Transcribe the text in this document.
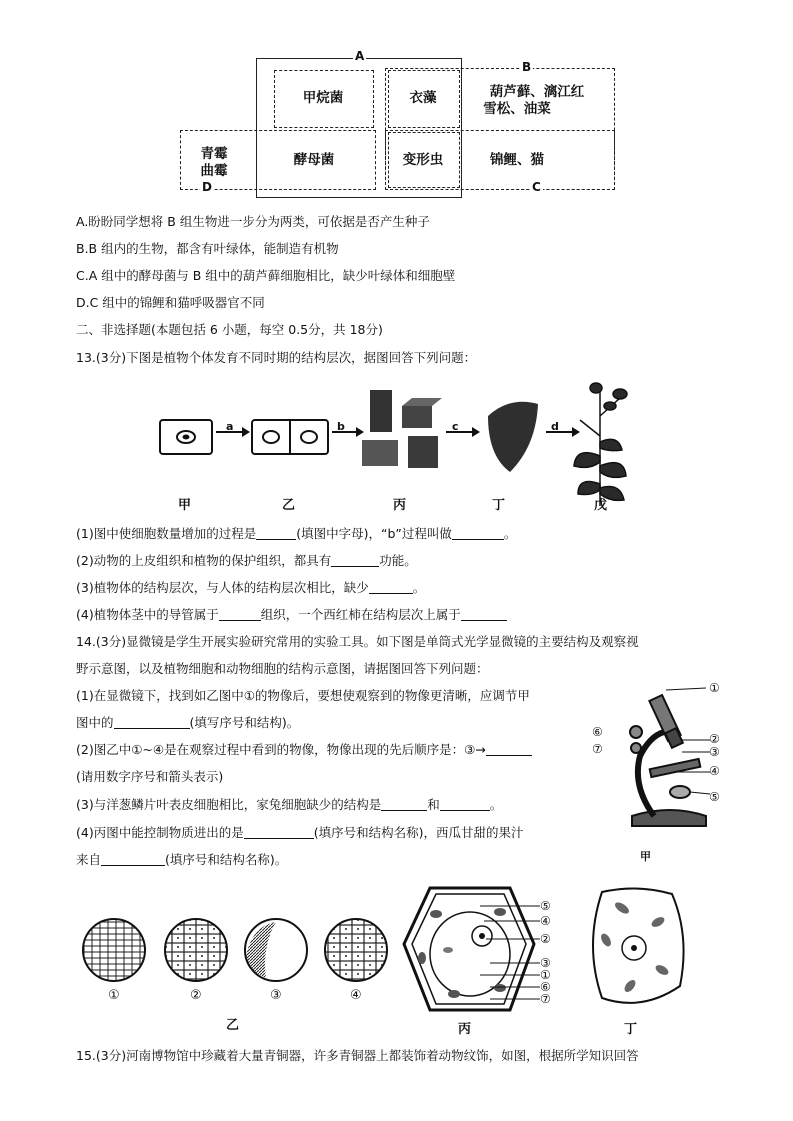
A
B
C
D
甲烷菌	衣藻	葫芦藓、漓江红
雪松、油菜
青霉
曲霉
酵母菌	变形虫	锦鲤、猫
A.盼盼同学想将 B 组生物进一步分为两类，可依据是否产生种子
B.B 组内的生物，都含有叶绿体，能制造有机物
C.A 组中的酵母菌与 B 组中的葫芦藓细胞相比，缺少叶绿体和细胞壁
D.C 组中的锦鲤和猫呼吸器官不同
二、非选择题(本题包括 6 小题，每空 0.5分，共 18分)
13.(3分)下图是植物个体发育不同时期的结构层次，据图回答下列问题：
a	b	c	d
甲	乙	丙	丁	戊
(1)图中使细胞数量增加的过程是	(填图中字母)，“b”过程叫做	。
(2)动物的上皮组织和植物的保护组织，都具有	功能。
(3)植物体的结构层次，与人体的结构层次相比，缺少	。
(4)植物体茎中的导管属于	组织，一个西红柿在结构层次上属于
14.(3分)显微镜是学生开展实验研究常用的实验工具。如下图是单筒式光学显微镜的主要结构及观察视
野示意图，以及植物细胞和动物细胞的结构示意图，请据图回答下列问题：
(1)在显微镜下，找到如乙图中①的物像后，要想使观察到的物像更清晰，应调节甲
图中的	(填写序号和结构)。
(2)图乙中①~④是在观察过程中看到的物像，物像出现的先后顺序是：③→
(请用数字序号和箭头表示)
(3)与洋葱鳞片叶表皮细胞相比，家兔细胞缺少的结构是	和	。
(4)丙图中能控制物质进出的是	(填序号和结构名称)，西瓜甘甜的果汁
来自	(填序号和结构名称)。
①
②
③
④
⑤
⑥
⑦
甲
①	②	③	④
乙
⑤
④
②
③
①
⑥
⑦
丙	丁
15.(3分)河南博物馆中珍藏着大量青铜器，许多青铜器上都装饰着动物纹饰，如图，根据所学知识回答
